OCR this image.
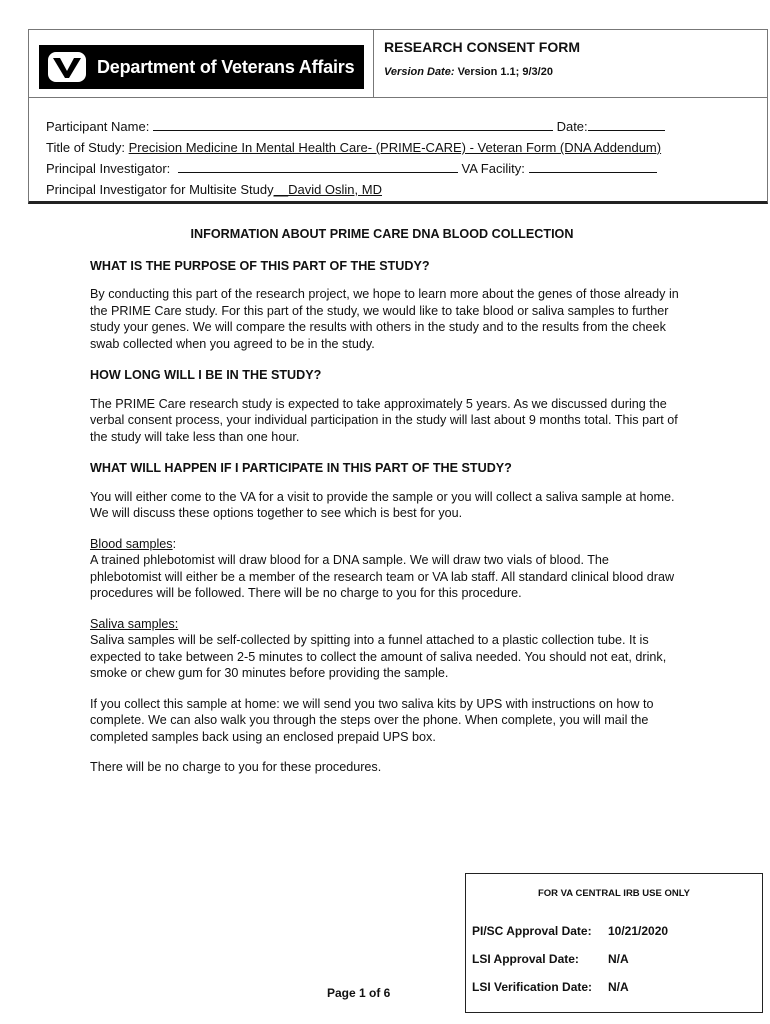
Department of Veterans Affairs
RESEARCH CONSENT FORM
Version Date: Version 1.1; 9/3/20
Participant Name:	Date:
Title of Study: Precision Medicine In Mental Health Care- (PRIME-CARE) - Veteran Form (DNA Addendum)
Principal Investigator:	VA Facility:
Principal Investigator for Multisite Study__David Oslin, MD
INFORMATION ABOUT PRIME CARE DNA BLOOD COLLECTION
WHAT IS THE PURPOSE OF THIS PART OF THE STUDY?

By conducting this part of the research project, we hope to learn more about the genes of those already in the PRIME Care study. For this part of the study, we would like to take blood or saliva samples to further study your genes. We will compare the results with others in the study and to the results from the cheek swab collected when you agreed to be in the study.

HOW LONG WILL I BE IN THE STUDY?

The PRIME Care research study is expected to take approximately 5 years. As we discussed during the verbal consent process, your individual participation in the study will last about 9 months total. This part of the study will take less than one hour.

WHAT WILL HAPPEN IF I PARTICIPATE IN THIS PART OF THE STUDY?

You will either come to the VA for a visit to provide the sample or you will collect a saliva sample at home. We will discuss these options together to see which is best for you.

Blood samples:
A trained phlebotomist will draw blood for a DNA sample. We will draw two vials of blood. The phlebotomist will either be a member of the research team or VA lab staff. All standard clinical blood draw procedures will be followed. There will be no charge to you for this procedure.

Saliva samples:
Saliva samples will be self-collected by spitting into a funnel attached to a plastic collection tube. It is expected to take between 2-5 minutes to collect the amount of saliva needed. You should not eat, drink, smoke or chew gum for 30 minutes before providing the sample.

If you collect this sample at home: we will send you two saliva kits by UPS with instructions on how to complete. We can also walk you through the steps over the phone. When complete, you will mail the completed samples back using an enclosed prepaid UPS box.

There will be no charge to you for these procedures.

Page 1 of 6
FOR VA CENTRAL IRB USE ONLY
PI/SC Approval Date: 10/21/2020
LSI Approval Date: N/A
LSI Verification Date: N/A
